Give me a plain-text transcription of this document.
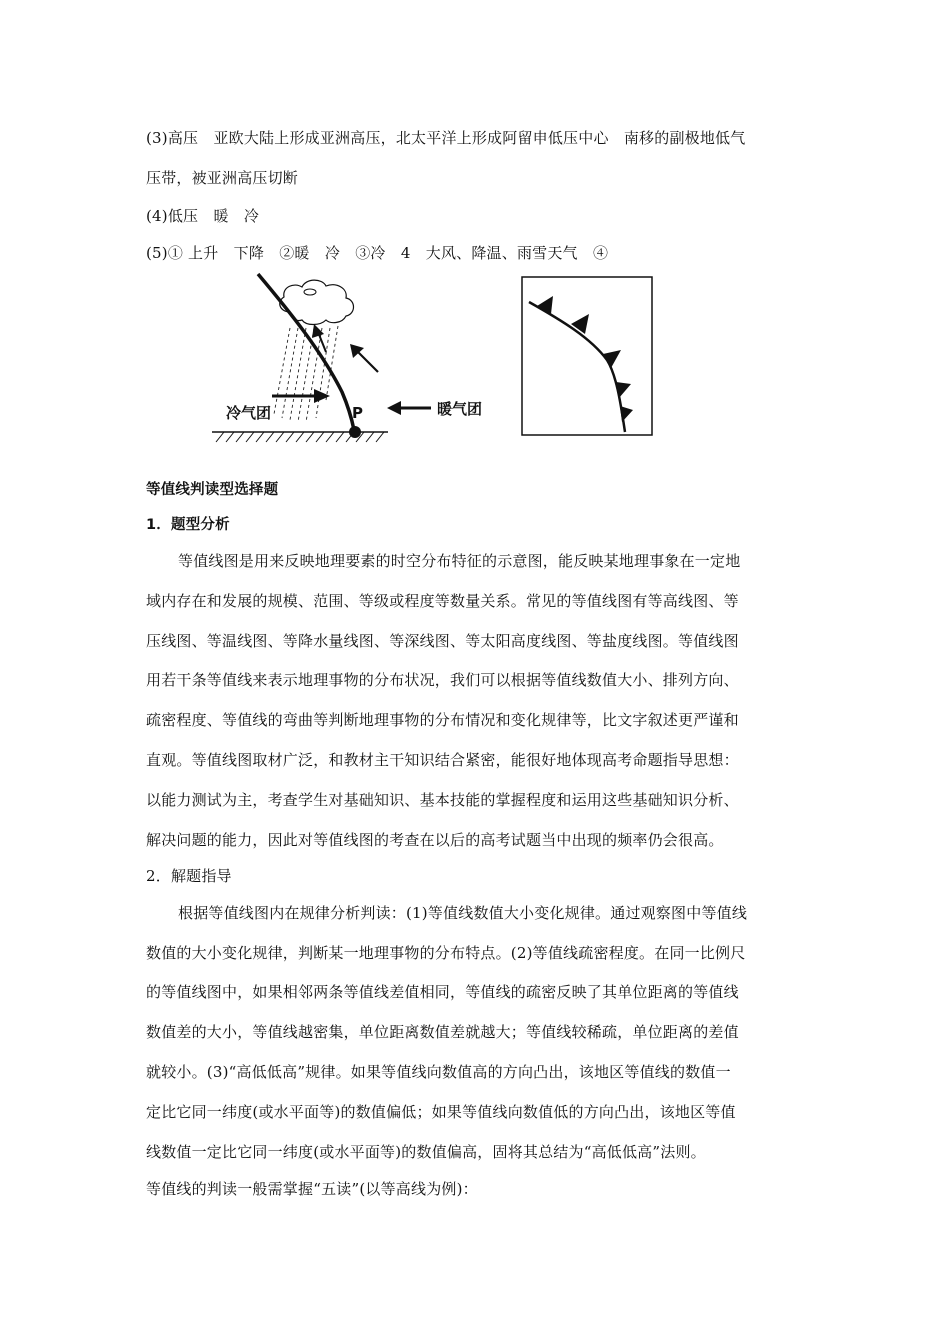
(3)高压　亚欧大陆上形成亚洲高压，北太平洋上形成阿留申低压中心　南移的副极地低气
压带，被亚洲高压切断
(4)低压　暖　冷
(5)① 上升　下降　②暖　冷　③冷　4　大风、降温、雨雪天气　④
P
冷气团	暖气团
等值线判读型选择题
1．题型分析
等值线图是用来反映地理要素的时空分布特征的示意图，能反映某地理事象在一定地
域内存在和发展的规模、范围、等级或程度等数量关系。常见的等值线图有等高线图、等
压线图、等温线图、等降水量线图、等深线图、等太阳高度线图、等盐度线图。等值线图
用若干条等值线来表示地理事物的分布状况，我们可以根据等值线数值大小、排列方向、
疏密程度、等值线的弯曲等判断地理事物的分布情况和变化规律等，比文字叙述更严谨和
直观。等值线图取材广泛，和教材主干知识结合紧密，能很好地体现高考命题指导思想：
以能力测试为主，考查学生对基础知识、基本技能的掌握程度和运用这些基础知识分析、
解决问题的能力，因此对等值线图的考查在以后的高考试题当中出现的频率仍会很高。
2．解题指导
根据等值线图内在规律分析判读：(1)等值线数值大小变化规律。通过观察图中等值线
数值的大小变化规律，判断某一地理事物的分布特点。(2)等值线疏密程度。在同一比例尺
的等值线图中，如果相邻两条等值线差值相同，等值线的疏密反映了其单位距离的等值线
数值差的大小，等值线越密集，单位距离数值差就越大；等值线较稀疏，单位距离的差值
就较小。(3)“高低低高”规律。如果等值线向数值高的方向凸出，该地区等值线的数值一
定比它同一纬度(或水平面等)的数值偏低；如果等值线向数值低的方向凸出，该地区等值
线数值一定比它同一纬度(或水平面等)的数值偏高，固将其总结为“高低低高”法则。
等值线的判读一般需掌握“五读”(以等高线为例)：
